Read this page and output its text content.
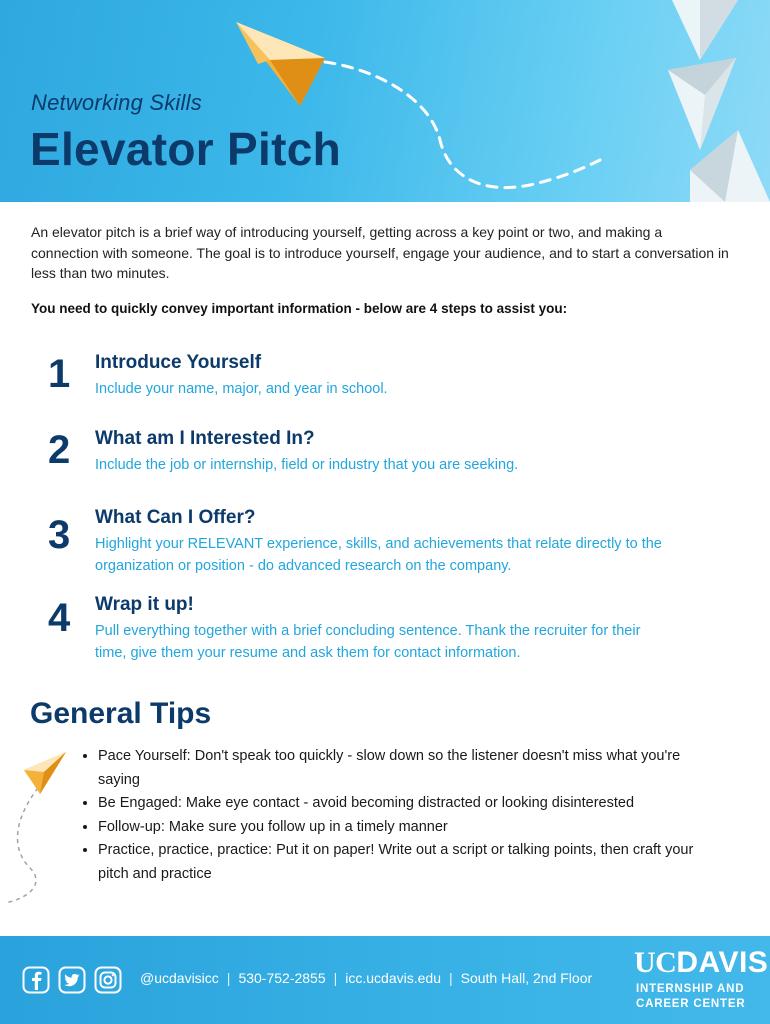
Networking Skills
Elevator Pitch
An elevator pitch is a brief way of introducing yourself, getting across a key point or two, and making a connection with someone. The goal is to introduce yourself, engage your audience, and to start a conversation in less than two minutes.
You need to quickly convey important information - below are 4 steps to assist you:
1 Introduce Yourself
Include your name, major, and year in school.
2 What am I Interested In?
Include the job or internship, field or industry that you are seeking.
3 What Can I Offer?
Highlight your RELEVANT experience, skills, and achievements that relate directly to the organization or position - do advanced research on the company.
4 Wrap it up!
Pull everything together with a brief concluding sentence. Thank the recruiter for their time, give them your resume and ask them for contact information.
General Tips
• Pace Yourself: Don't speak too quickly - slow down so the listener doesn't miss what you're saying
• Be Engaged: Make eye contact - avoid becoming distracted or looking disinterested
• Follow-up: Make sure you follow up in a timely manner
• Practice, practice, practice: Put it on paper! Write out a script or talking points, then craft your pitch and practice
@ucdavisicc | 530-752-2855 | icc.ucdavis.edu | South Hall, 2nd Floor UCDAVIS
INTERNSHIP AND
CAREER CENTER
